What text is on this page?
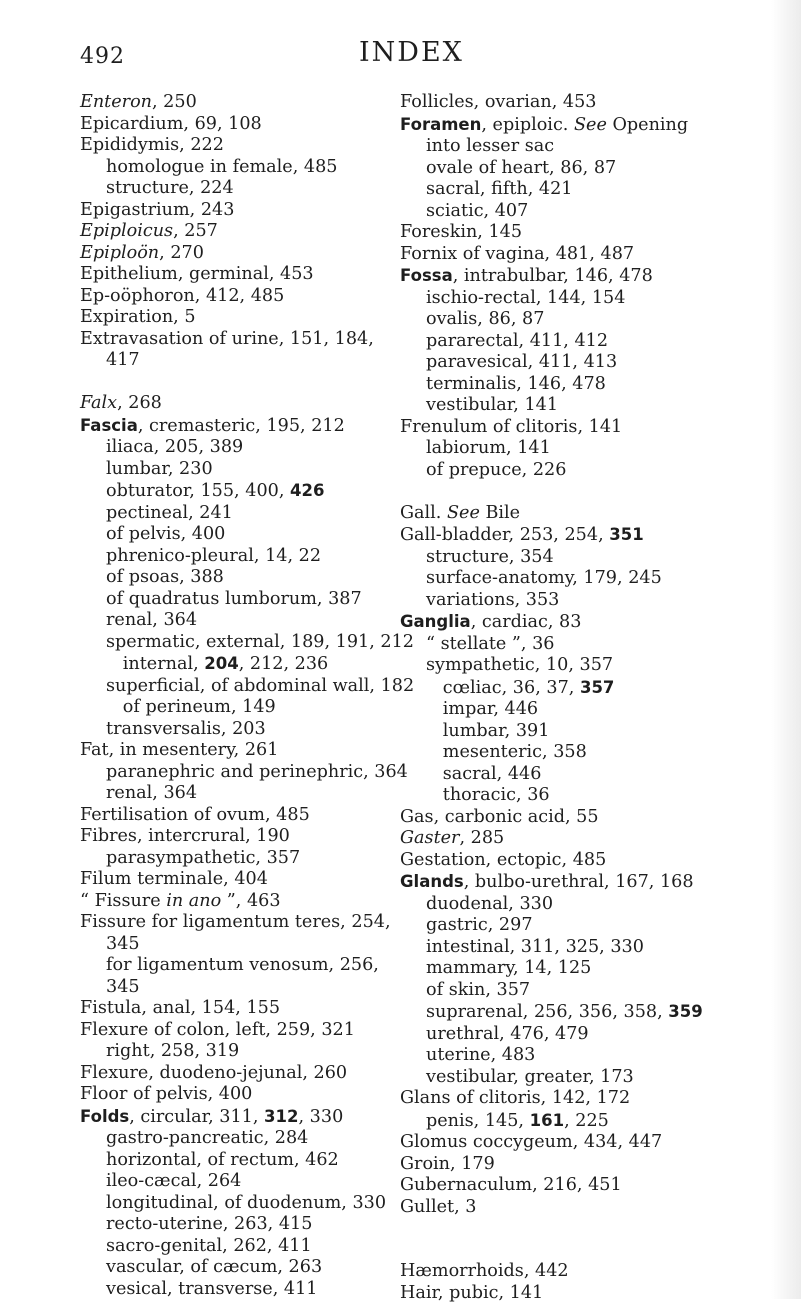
492	INDEX
Enteron, 250
Epicardium, 69, 108
Epididymis, 222
homologue in female, 485
structure, 224
Epigastrium, 243
Epiploicus, 257
Epiploön, 270
Epithelium, germinal, 453
Ep-oöphoron, 412, 485
Expiration, 5
Extravasation of urine, 151, 184,
417
Falx, 268
Fascia, cremasteric, 195, 212
iliaca, 205, 389
lumbar, 230
obturator, 155, 400, 426
pectineal, 241
of pelvis, 400
phrenico-pleural, 14, 22
of psoas, 388
of quadratus lumborum, 387
renal, 364
spermatic, external, 189, 191, 212
internal, 204, 212, 236
superficial, of abdominal wall, 182
of perineum, 149
transversalis, 203
Fat, in mesentery, 261
paranephric and perinephric, 364
renal, 364
Fertilisation of ovum, 485
Fibres, intercrural, 190
parasympathetic, 357
Filum terminale, 404
“ Fissure in ano ”, 463
Fissure for ligamentum teres, 254,
345
for ligamentum venosum, 256,
345
Fistula, anal, 154, 155
Flexure of colon, left, 259, 321
right, 258, 319
Flexure, duodeno-jejunal, 260
Floor of pelvis, 400
Folds, circular, 311, 312, 330
gastro-pancreatic, 284
horizontal, of rectum, 462
ileo-cæcal, 264
longitudinal, of duodenum, 330
recto-uterine, 263, 415
sacro-genital, 262, 411
vascular, of cæcum, 263
vesical, transverse, 411
Follicles, ovarian, 453
Foramen, epiploic. See Opening
into lesser sac
ovale of heart, 86, 87
sacral, fifth, 421
sciatic, 407
Foreskin, 145
Fornix of vagina, 481, 487
Fossa, intrabulbar, 146, 478
ischio-rectal, 144, 154
ovalis, 86, 87
pararectal, 411, 412
paravesical, 411, 413
terminalis, 146, 478
vestibular, 141
Frenulum of clitoris, 141
labiorum, 141
of prepuce, 226
Gall. See Bile
Gall-bladder, 253, 254, 351
structure, 354
surface-anatomy, 179, 245
variations, 353
Ganglia, cardiac, 83
“ stellate ”, 36
sympathetic, 10, 357
cœliac, 36, 37, 357
impar, 446
lumbar, 391
mesenteric, 358
sacral, 446
thoracic, 36
Gas, carbonic acid, 55
Gaster, 285
Gestation, ectopic, 485
Glands, bulbo-urethral, 167, 168
duodenal, 330
gastric, 297
intestinal, 311, 325, 330
mammary, 14, 125
of skin, 357
suprarenal, 256, 356, 358, 359
urethral, 476, 479
uterine, 483
vestibular, greater, 173
Glans of clitoris, 142, 172
penis, 145, 161, 225
Glomus coccygeum, 434, 447
Groin, 179
Gubernaculum, 216, 451
Gullet, 3
Hæmorrhoids, 442
Hair, pubic, 141
